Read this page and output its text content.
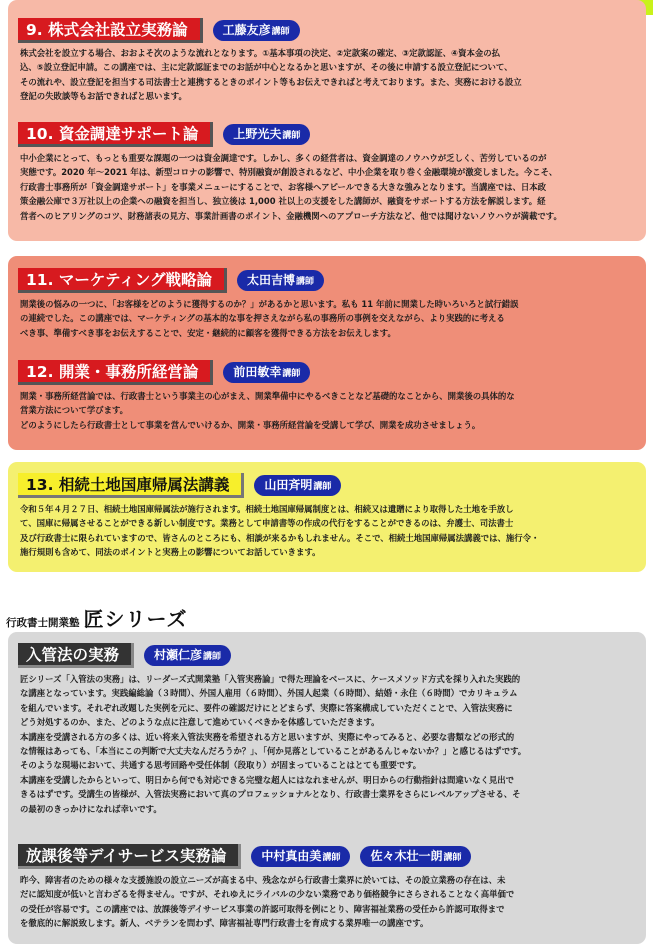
9. 株式会社設立実務論	工藤友彦講師
株式会社を設立する場合、おおよそ次のような流れとなります。①基本事項の決定、②定款案の確定、③定款認証、④資本金の払
込、⑤設立登記申請。この講座では、主に定款認証までのお話が中心となるかと思いますが、その後に申請する設立登記について、
その流れや、設立登記を担当する司法書士と連携するときのポイント等もお伝えできればと考えております。また、実務における設立
登記の失敗談等もお話できればと思います。
10. 資金調達サポート論	上野光夫講師
中小企業にとって、もっとも重要な課題の一つは資金調達です。しかし、多くの経営者は、資金調達のノウハウが乏しく、苦労しているのが
実態です。2020 年～2021 年は、新型コロナの影響で、特別融資が創設されるなど、中小企業を取り巻く金融環境が激変しました。今こそ、
行政書士事務所が「資金調達サポート」を事業メニューにすることで、お客様へアピールできる大きな強みとなります。当講座では、日本政
策金融公庫で３万社以上の企業への融資を担当し、独立後は 1,000 社以上の支援をした講師が、融資をサポートする方法を解説します。経
営者へのヒアリングのコツ、財務諸表の見方、事業計画書のポイント、金融機関へのアプローチ方法など、他では聞けないノウハウが満載です。
11. マーケティング戦略論	太田吉博講師
開業後の悩みの一つに、「お客様をどのように獲得するのか？」があるかと思います。私も 11 年前に開業した時いろいろと試行錯誤
の連続でした。この講座では、マーケティングの基本的な事を押さえながら私の事務所の事例を交えながら、より実践的に考える
べき事、準備すべき事をお伝えすることで、安定・継続的に顧客を獲得できる方法をお伝えします。
12. 開業・事務所経営論	前田敏幸講師
開業・事務所経営論では、行政書士という事業主の心がまえ、開業準備中にやるべきことなど基礎的なことから、開業後の具体的な
営業方法について学びます。
どのようにしたら行政書士として事業を営んでいけるか、開業・事務所経営論を受講して学び、開業を成功させましょう。
13. 相続土地国庫帰属法講義	山田斉明講師
令和５年４月２７日、相続土地国庫帰属法が施行されます。相続土地国庫帰属制度とは、相続又は遺贈により取得した土地を手放し
て、国庫に帰属させることができる新しい制度です。業務として申請書等の作成の代行をすることができるのは、弁護士、司法書士
及び行政書士に限られていますので、皆さんのところにも、相談が来るかもしれません。そこで、相続土地国庫帰属法講義では、施行令・
施行規則も含めて、同法のポイントと実務上の影響についてお話していきます。
行政書士開業塾 匠シリーズ
入管法の実務	村瀬仁彦講師
匠シリーズ「入管法の実務」は、リーダーズ式開業塾「入管実務論」で得た理論をベースに、ケースメソッド方式を採り入れた実践的
な講座となっています。実践編総論（３時間）、外国人雇用（６時間）、外国人起業（６時間）、結婚・永住（６時間）でカリキュラム
を組んでいます。それぞれ改題した実例を元に、要件の確認だけにとどまらず、実際に答案構成していただくことで、入管法実務に
どう対処するのか、また、どのような点に注意して進めていくべきかを体感していただきます。
本講座を受講される方の多くは、近い将来入管法実務を希望される方と思いますが、実際にやってみると、必要な書類などの形式的
な情報はあっても、「本当にこの判断で大丈夫なんだろうか？」、「何か見落としていることがあるんじゃないか？」と感じるはずです。
そのような現場において、共通する思考回路や受任体制（段取り）が固まっていることはとても重要です。
本講座を受講したからといって、明日から何でも対応できる完璧な超人にはなれませんが、明日からの行動指針は間違いなく見出で
きるはずです。受講生の皆様が、入管法実務において真のプロフェッショナルとなり、行政書士業界をさらにレベルアップさせる、そ
の最初のきっかけになれば幸いです。
放課後等デイサービス実務論	中村真由美講師	佐々木壮一朗講師
昨今、障害者のための様々な支援施設の設立ニーズが高まる中、残念ながら行政書士業界に於いては、その設立業務の存在は、未
だに認知度が低いと言わざるを得ません。ですが、それゆえにライバルの少ない業務であり価格競争にさらされることなく高単価で
の受任が容易です。この講座では、放課後等デイサービス事業の許認可取得を例にとり、障害福祉業務の受任から許認可取得まで
を徹底的に解説致します。新人、ベテランを問わず、障害福祉専門行政書士を育成する業界唯一の講座です。
